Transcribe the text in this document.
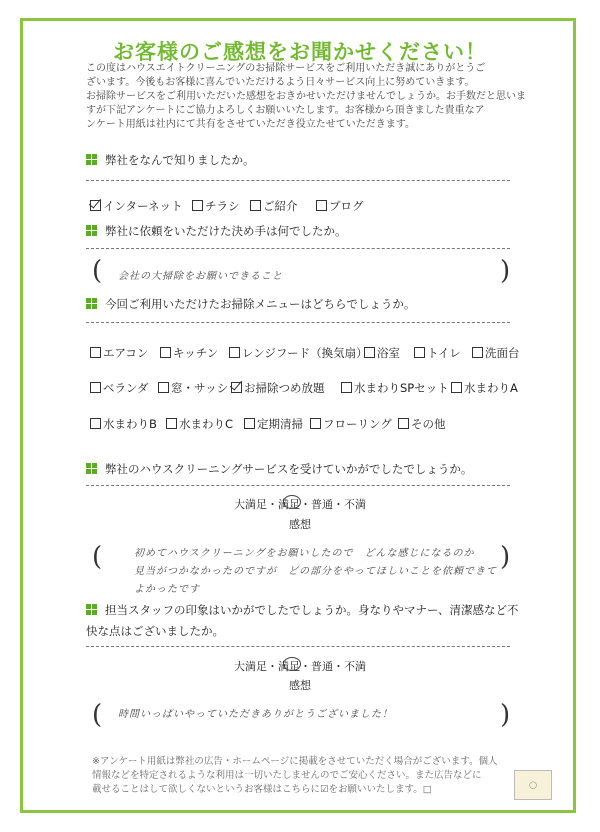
お客様のご感想をお聞かせください！
この度はハウスエイトクリーニングのお掃除サービスをご利用いただき誠にありがとうご
ざいます。今後もお客様に喜んでいただけるよう日々サービス向上に努めていきます。
お掃除サービスをご利用いただいた感想をおきかせいただけませんでしょうか。お手数だと思いま
すが下記アンケートにご協力よろしくお願いいたします。お客様から頂きました貴重なア
ンケート用紙は社内にて共有をさせていただき役立たせていただきます。
弊社をなんで知りましたか。
インターネット	チラシ	ご紹介	ブログ
弊社に依頼をいただけた決め手は何でしたか。
( 会社の大掃除をお願いできること	)
今回ご利用いただけたお掃除メニューはどちらでしょうか。
エアコン	キッチン	レンジフード（換気扇） 浴室	トイレ	洗面台
ベランダ	窓・サッシ	お掃除つめ放題	水まわりSPセット	水まわりA
水まわりB	水まわりC	定期清掃	フローリング	その他
弊社のハウスクリーニングサービスを受けていかがでしたでしょうか。
大満足・満足・普通・不満
感想
(	初めてハウスクリーニングをお願いしたので　どんな感じになるのか
見当がつかなかったのですが　どの部分をやってほしいことを依頼できて
よかったです
)
担当スタッフの印象はいかがでしたでしょうか。身なりやマナー、清潔感など不快な点はございましたか。
大満足・満足・普通・不満
感想
( 時間いっぱいやっていただきありがとうございました！	)
※アンケート用紙は弊社の広告・ホームページに掲載をさせていただく場合がございます。個人
情報などを特定されるような利用は一切いたしませんのでご安心ください。また広告などに
載せることはして欲しくないというお客様はこちらに☑をお願いいたします。□	◯
